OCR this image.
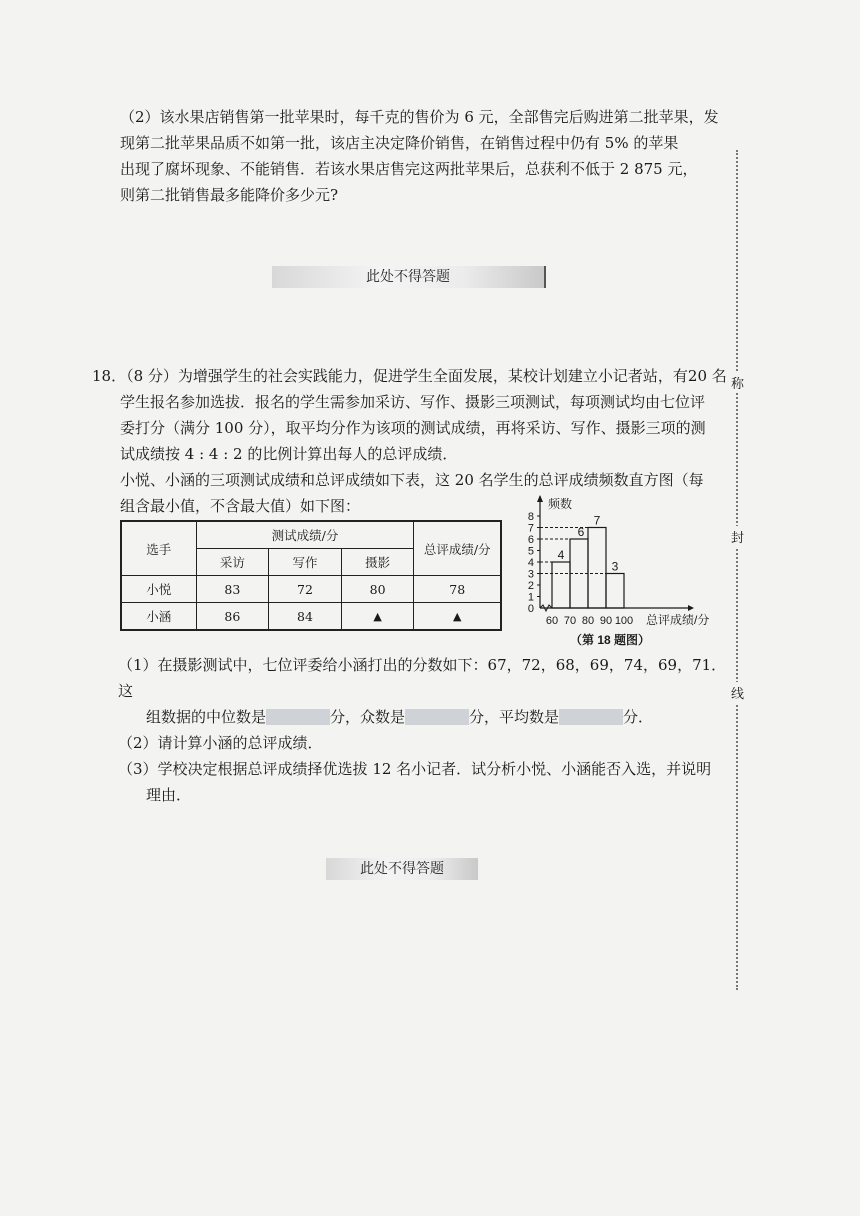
（2）该水果店销售第一批苹果时，每千克的售价为 6 元，全部售完后购进第二批苹果，发
现第二批苹果品质不如第一批，该店主决定降价销售，在销售过程中仍有 5% 的苹果
出现了腐坏现象、不能销售．若该水果店售完这两批苹果后，总获利不低于 2 875 元，
则第二批销售最多能降价多少元?
此处不得答题
18．（8 分）为增强学生的社会实践能力，促进学生全面发展，某校计划建立小记者站，有20 名
学生报名参加选拔．报名的学生需参加采访、写作、摄影三项测试，每项测试均由七位评
委打分（满分 100 分），取平均分作为该项的测试成绩，再将采访、写作、摄影三项的测
试成绩按 4 : 4 : 2 的比例计算出每人的总评成绩．
小悦、小涵的三项测试成绩和总评成绩如下表，这 20 名学生的总评成绩频数直方图（每
组含最小值，不含最大值）如下图：
选手	测试成绩/分			总评成绩/分
	采访	写作	摄影	
小悦	83	72	80	78
小涵	86	84	▲	▲
0
1
2
3
4
5
6
7
8
60 70 80 90 100
4
6
7
3
频数
总评成绩/分
（第 18 题图）
（1）在摄影测试中，七位评委给小涵打出的分数如下：67，72，68，69，74，69，71．这
组数据的中位数是	分，众数是	分，平均数是	分．
（2）请计算小涵的总评成绩．
（3）学校决定根据总评成绩择优选拔 12 名小记者．试分析小悦、小涵能否入选，并说明
理由．
此处不得答题
称
封
线
